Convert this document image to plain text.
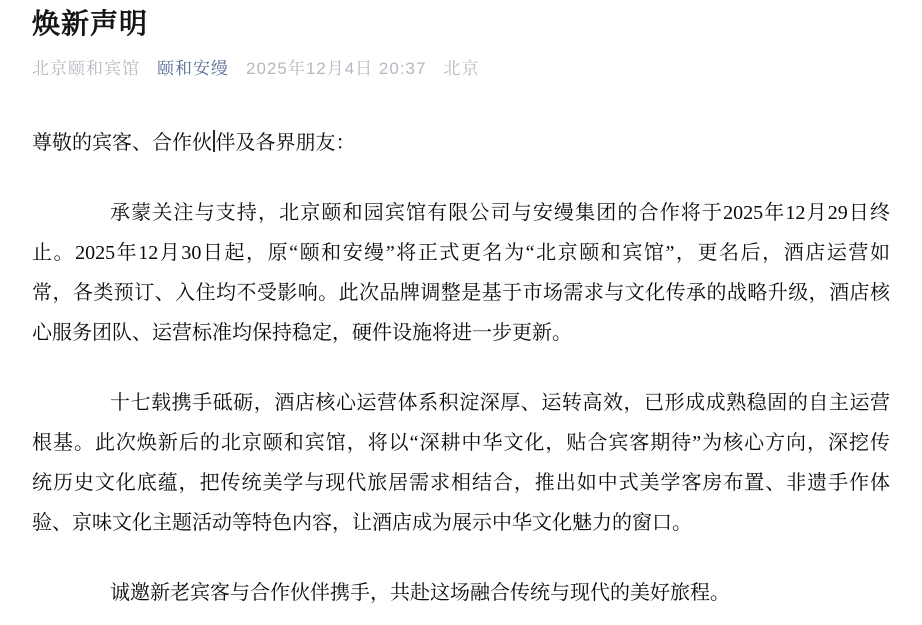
焕新声明
北京颐和宾馆 颐和安缦 2025年12月4日 20:37 北京
尊敬的宾客、合作伙 伴及各界朋友：
承蒙关注与支持，北京颐和园宾馆有限公司与安缦集团的合作将于2025年12月29日终
止。2025年12月30日起，原“颐和安缦”将正式更名为“北京颐和宾馆”，更名后，酒店运营如
常，各类预订、入住均不受影响。此次品牌调整是基于市场需求与文化传承的战略升级，酒店核
心服务团队、运营标准均保持稳定，硬件设施将进一步更新。
十七载携手砥砺，酒店核心运营体系积淀深厚、运转高效，已形成成熟稳固的自主运营
根基。此次焕新后的北京颐和宾馆，将以“深耕中华文化，贴合宾客期待”为核心方向，深挖传
统历史文化底蕴，把传统美学与现代旅居需求相结合，推出如中式美学客房布置、非遗手作体
验、京味文化主题活动等特色内容，让酒店成为展示中华文化魅力的窗口。
诚邀新老宾客与合作伙伴携手，共赴这场融合传统与现代的美好旅程。
